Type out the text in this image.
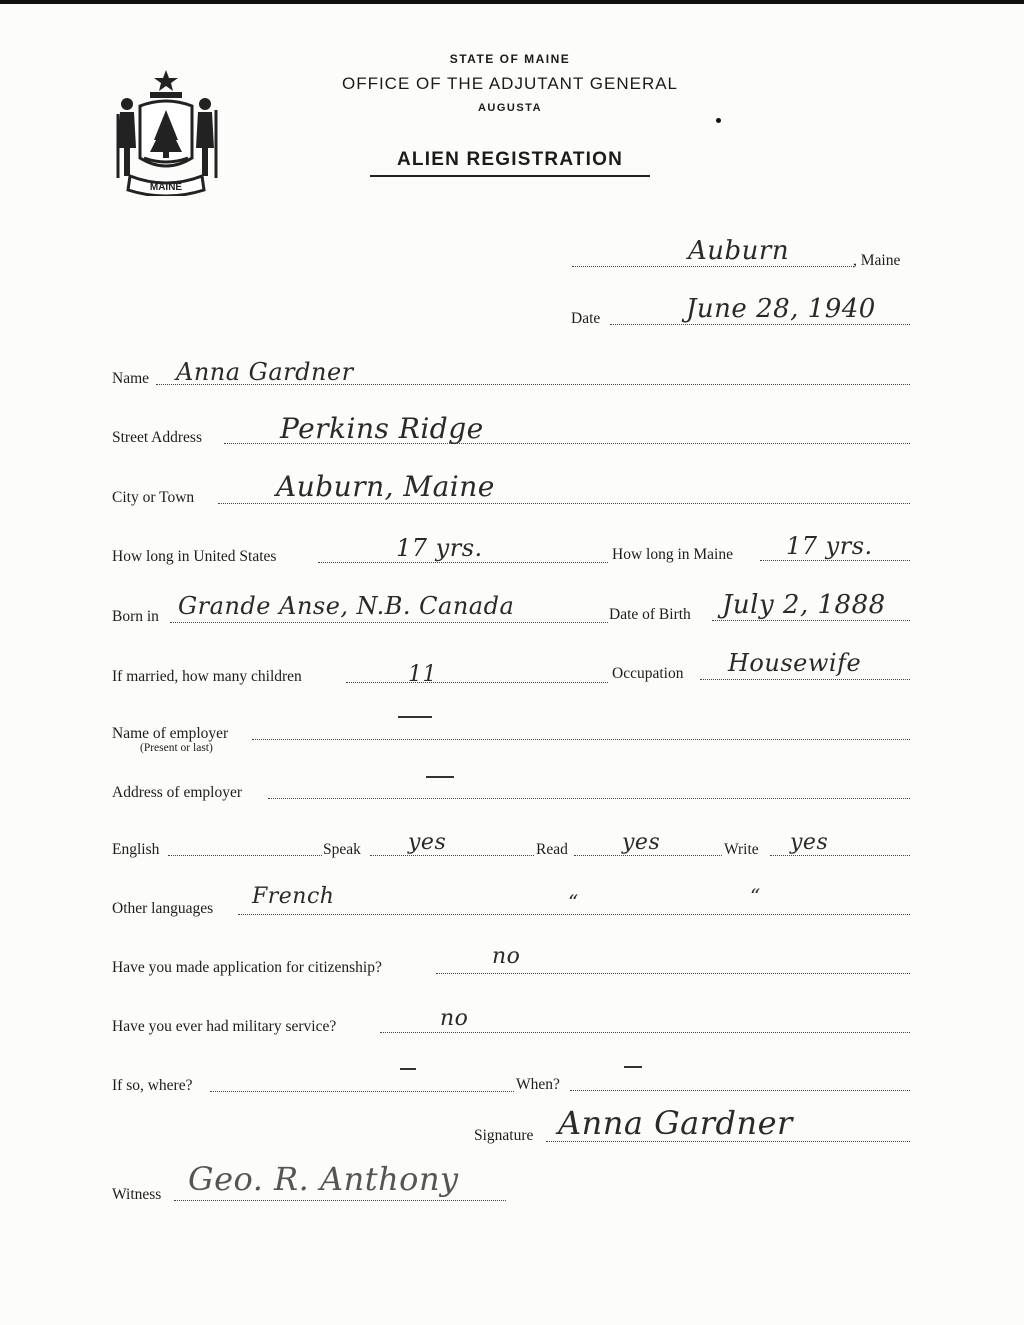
MAINE
STATE OF MAINE
OFFICE OF THE ADJUTANT GENERAL
AUGUSTA
ALIEN REGISTRATION
Auburn	, Maine
Date	June 28, 1940
Name Anna Gardner
Street Address	Perkins Ridge
City or Town	Auburn, Maine
How long in United States	17 yrs.	How long in Maine 17 yrs.
Born in Grande Anse, N.B. Canada	Date of Birth July 2, 1888
If married, how many children	11	Occupation Housewife
Name of employer
(Present or last)
Address of employer
English	Speak yes	Read yes	Write yes
Other languages French	“	“
Have you made application for citizenship?	no
Have you ever had military service?	no
If so, where?	When?
Signature Anna Gardner
Witness Geo. R. Anthony
